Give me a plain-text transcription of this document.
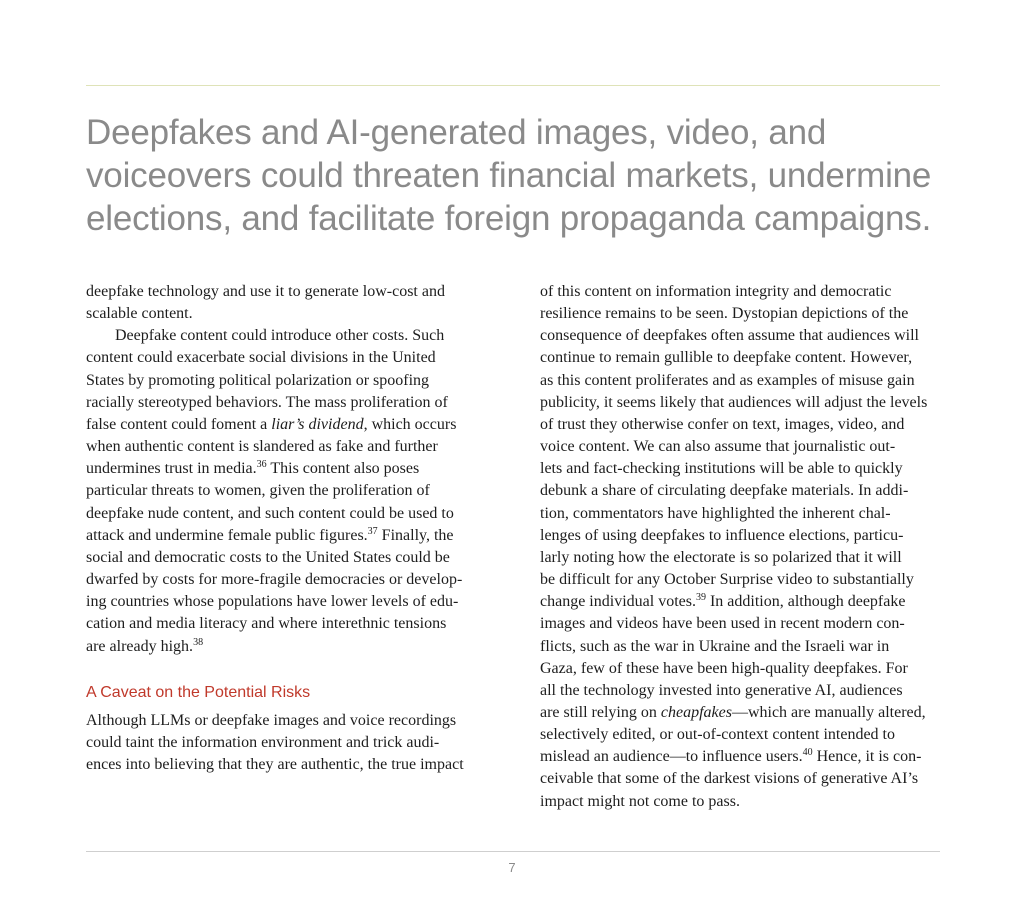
Deepfakes and AI-generated images, video, and
voiceovers could threaten financial markets, undermine
elections, and facilitate foreign propaganda campaigns.

deepfake technology and use it to generate low-cost and
scalable content.

Deepfake content could introduce other costs. Such
content could exacerbate social divisions in the United
States by promoting political polarization or spoofing
racially stereotyped behaviors. The mass proliferation of
false content could foment a liar’s dividend, which occurs
when authentic content is slandered as fake and further
undermines trust in media.$^{36}$ This content also poses
particular threats to women, given the proliferation of
deepfake nude content, and such content could be used to
attack and undermine female public figures.$^{37}$ Finally, the
social and democratic costs to the United States could be
dwarfed by costs for more-fragile democracies or develop-
ing countries whose populations have lower levels of edu-
cation and media literacy and where interethnic tensions
are already high.$^{38}$

A Caveat on the Potential Risks

Although LLMs or deepfake images and voice recordings
could taint the information environment and trick audi-
ences into believing that they are authentic, the true impact

of this content on information integrity and democratic
resilience remains to be seen. Dystopian depictions of the
consequence of deepfakes often assume that audiences will
continue to remain gullible to deepfake content. However,
as this content proliferates and as examples of misuse gain
publicity, it seems likely that audiences will adjust the levels
of trust they otherwise confer on text, images, video, and
voice content. We can also assume that journalistic out-
lets and fact-checking institutions will be able to quickly
debunk a share of circulating deepfake materials. In addi-
tion, commentators have highlighted the inherent chal-
lenges of using deepfakes to influence elections, particu-
larly noting how the electorate is so polarized that it will
be difficult for any October Surprise video to substantially
change individual votes.$^{39}$ In addition, although deepfake
images and videos have been used in recent modern con-
flicts, such as the war in Ukraine and the Israeli war in
Gaza, few of these have been high-quality deepfakes. For
all the technology invested into generative AI, audiences
are still relying on cheapfakes—which are manually altered,
selectively edited, or out-of-context content intended to
mislead an audience—to influence users.$^{40}$ Hence, it is con-
ceivable that some of the darkest visions of generative AI’s
impact might not come to pass.

7
